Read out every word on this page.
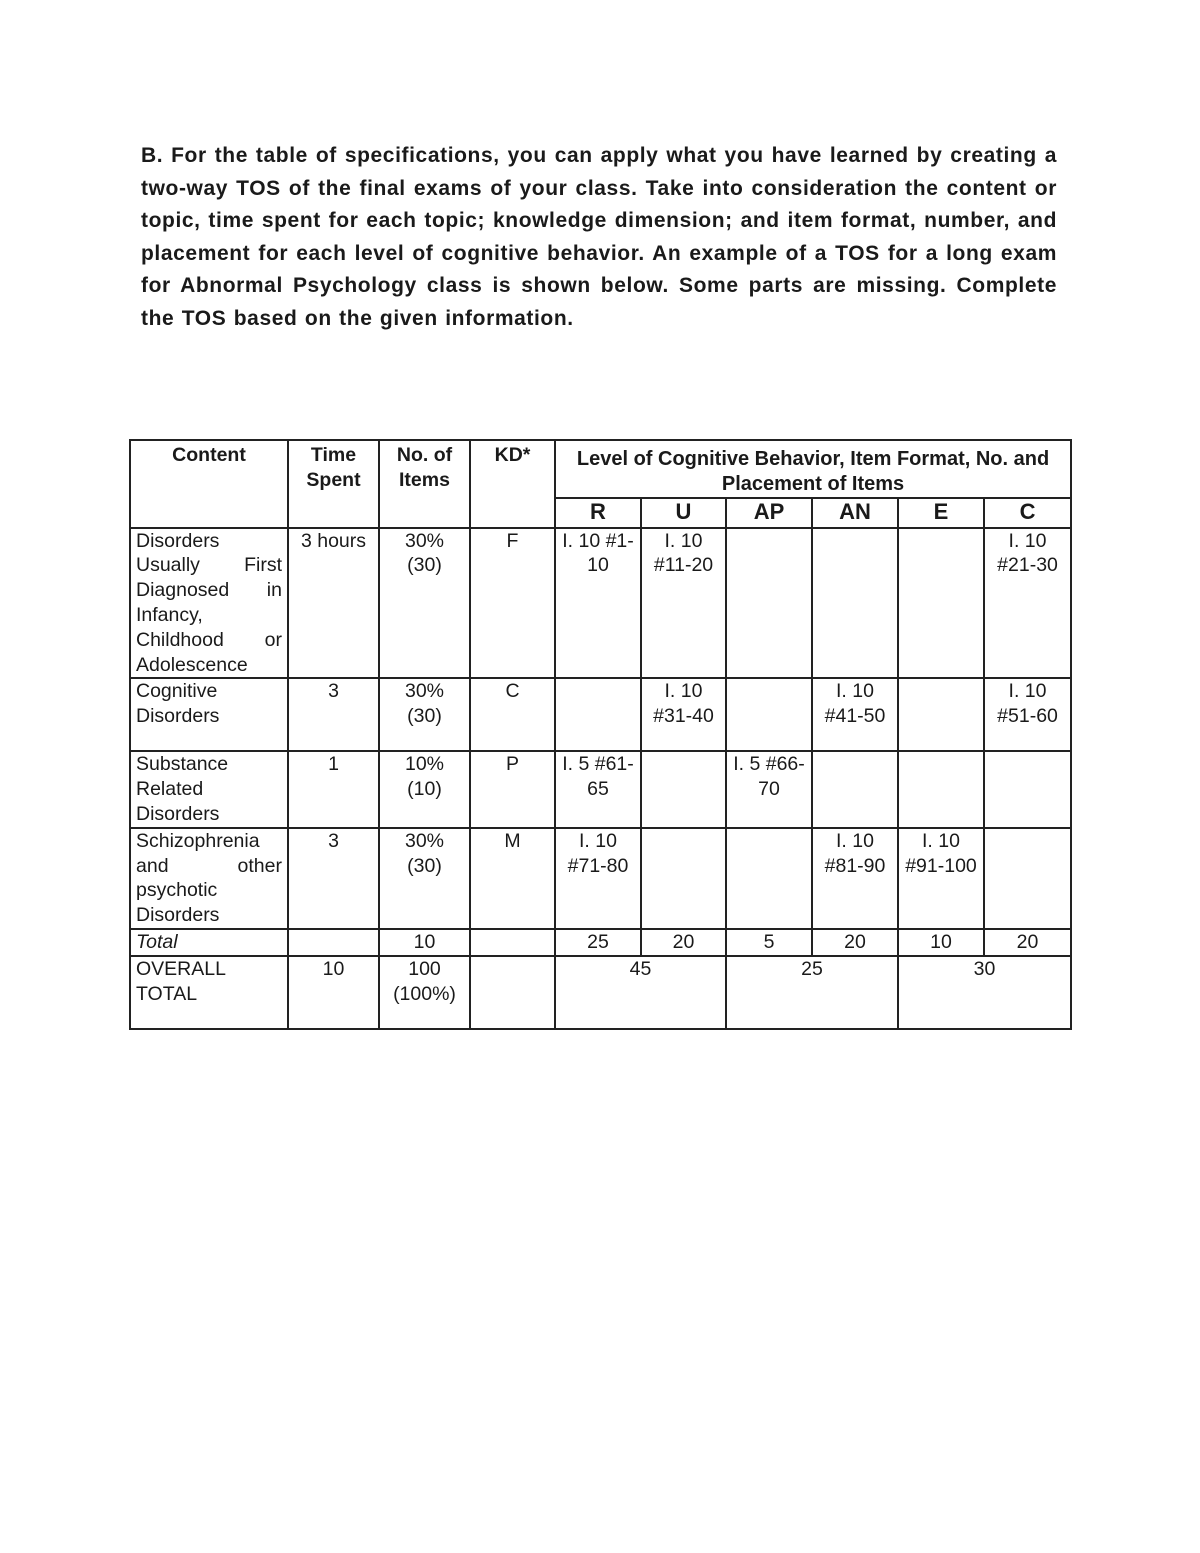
B. For the table of specifications, you can apply what you have learned by creating a two-way TOS of the final exams of your class. Take into consideration the content or topic, time spent for each topic; knowledge dimension; and item format, number, and placement for each level of cognitive behavior. An example of a TOS for a long exam for Abnormal Psychology class is shown below. Some parts are missing. Complete the TOS based on the given information.

Content	Time Spent	No. of Items	KD*	Level of Cognitive Behavior, Item Format, No. and Placement of Items					
				R	U	AP	AN	E	C
Disorders Usually First Diagnosed in Infancy, Childhood or Adolescence	3 hours	30% (30)	F	I. 10 #1-10	I. 10 #11-20				I. 10 #21-30
Cognitive Disorders	3	30% (30)	C		I. 10 #31-40		I. 10 #41-50		I. 10 #51-60
Substance Related Disorders	1	10% (10)	P	I. 5 #61-65		I. 5 #66-70			
Schizophrenia and other psychotic Disorders	3	30% (30)	M	I. 10 #71-80			I. 10 #81-90	I. 10 #91-100	
Total		10		25	20	5	20	10	20
OVERALL TOTAL	10	100 (100%)		45		25		30	
